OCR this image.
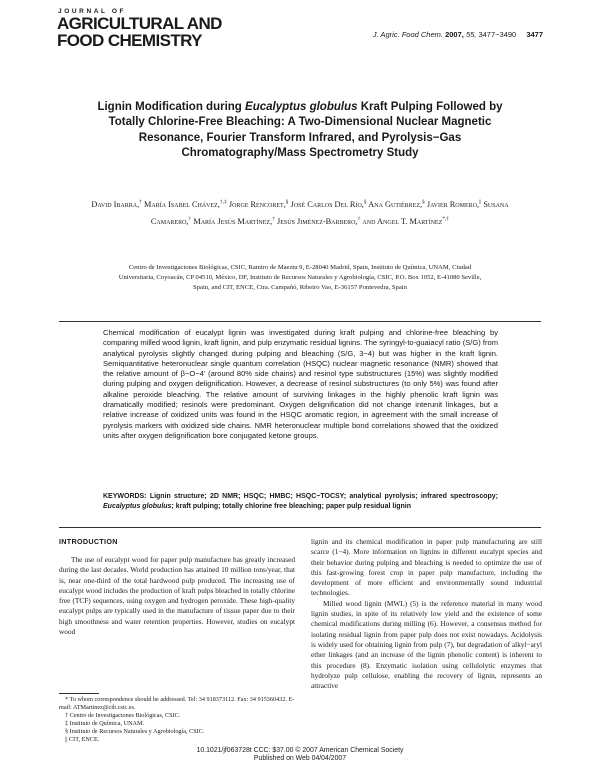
JOURNAL OF
AGRICULTURAL AND
FOOD CHEMISTRY	J. Agric. Food Chem. 2007, 55, 3477−3490 3477
Lignin Modification during Eucalyptus globulus Kraft Pulping Followed by Totally Chlorine-Free Bleaching: A Two-Dimensional Nuclear Magnetic Resonance, Fourier Transform Infrared, and Pyrolysis−Gas Chromatography/Mass Spectrometry Study
David Ibarra,† María Isabel Chávez,†,‡ Jorge Rencoret,§ José Carlos Del Río,§ Ana Gutiérrez,§ Javier Romero,|| Susana Camarero,† María Jesús Martínez,† Jesús Jiménez-Barbero,† and Angel T. Martínez*,†
Centro de Investigaciones Biológicas, CSIC, Ramiro de Maeztu 9, E-28040 Madrid, Spain, Instituto de Química, UNAM, Ciudad Universitaria, Coyoacán, CP 04510, México, DF, Instituto de Recursos Naturales y Agrobiología, CSIC, P.O. Box 1052, E-41080 Seville, Spain, and CIT, ENCE, Ctra. Campañó, Ribeiro Vao, E-36157 Pontevedra, Spain
Chemical modification of eucalypt lignin was investigated during kraft pulping and chlorine-free bleaching by comparing milled wood lignin, kraft lignin, and pulp enzymatic residual lignins. The syringyl-to-guaiacyl ratio (S/G) from analytical pyrolysis slightly changed during pulping and bleaching (S/G, 3−4) but was higher in the kraft lignin. Semiquantitative heteronuclear single quantum correlation (HSQC) nuclear magnetic resonance (NMR) showed that the relative amount of β−O−4′ (around 80% side chains) and resinol type substructures (15%) was slightly modified during pulping and oxygen delignification. However, a decrease of resinol substructures (to only 5%) was found after alkaline peroxide bleaching. The relative amount of surviving linkages in the highly phenolic kraft lignin was dramatically modified; resinols were predominant. Oxygen delignification did not change interunit linkages, but a relative increase of oxidized units was found in the HSQC aromatic region, in agreement with the small increase of pyrolysis markers with oxidized side chains. NMR heteronuclear multiple bond correlations showed that the oxidized units after oxygen delignification bore conjugated ketone groups.
KEYWORDS: Lignin structure; 2D NMR; HSQC; HMBC; HSQC−TOCSY; analytical pyrolysis; infrared spectroscopy; Eucalyptus globulus; kraft pulping; totally chlorine free bleaching; paper pulp residual lignin
INTRODUCTION

The use of eucalypt wood for paper pulp manufacture has greatly increased during the last decades. World production has attained 10 million tons/year, that is, near one-third of the total hardwood pulp produced. The increasing use of eucalypt wood includes the production of kraft pulps bleached in totally chlorine free (TCF) sequences, using oxygen and hydrogen peroxide. These high-quality eucalypt pulps are typically used in the manufacture of tissue paper due to their high smoothness and water retention properties. However, studies on eucalypt wood

* To whom correspondence should be addressed. Tel: 34 918373112. Fax: 34 915360432. E-mail: ATMartinez@cib.csic.es.
† Centro de Investigaciones Biológicas, CSIC.
‡ Instituto de Química, UNAM.
§ Instituto de Recursos Naturales y Agrobiología, CSIC.
|| CIT, ENCE.

lignin and its chemical modification in paper pulp manufacturing are still scarce (1−4). More information on lignins in different eucalypt species and their behavior during pulping and bleaching is needed to optimize the use of this fast-growing forest crop in paper pulp manufacture, including the development of more efficient and environmentally sound industrial technologies.

Milled wood lignin (MWL) (5) is the reference material in many wood lignin studies, in spite of its relatively low yield and the existence of some chemical modifications during milling (6). However, a consensus method for isolating residual lignin from paper pulp does not exist nowadays. Acidolysis is widely used for obtaining lignin from pulp (7), but degradation of alkyl−aryl ether linkages (and an increase of the lignin phenolic content) is inherent to this procedure (8). Enzymatic isolation using cellulolytic enzymes that hydrolyze pulp cellulose, enabling the recovery of lignin, represents an attractive

10.1021/jf063728t CCC: $37.00 © 2007 American Chemical Society
Published on Web 04/04/2007
